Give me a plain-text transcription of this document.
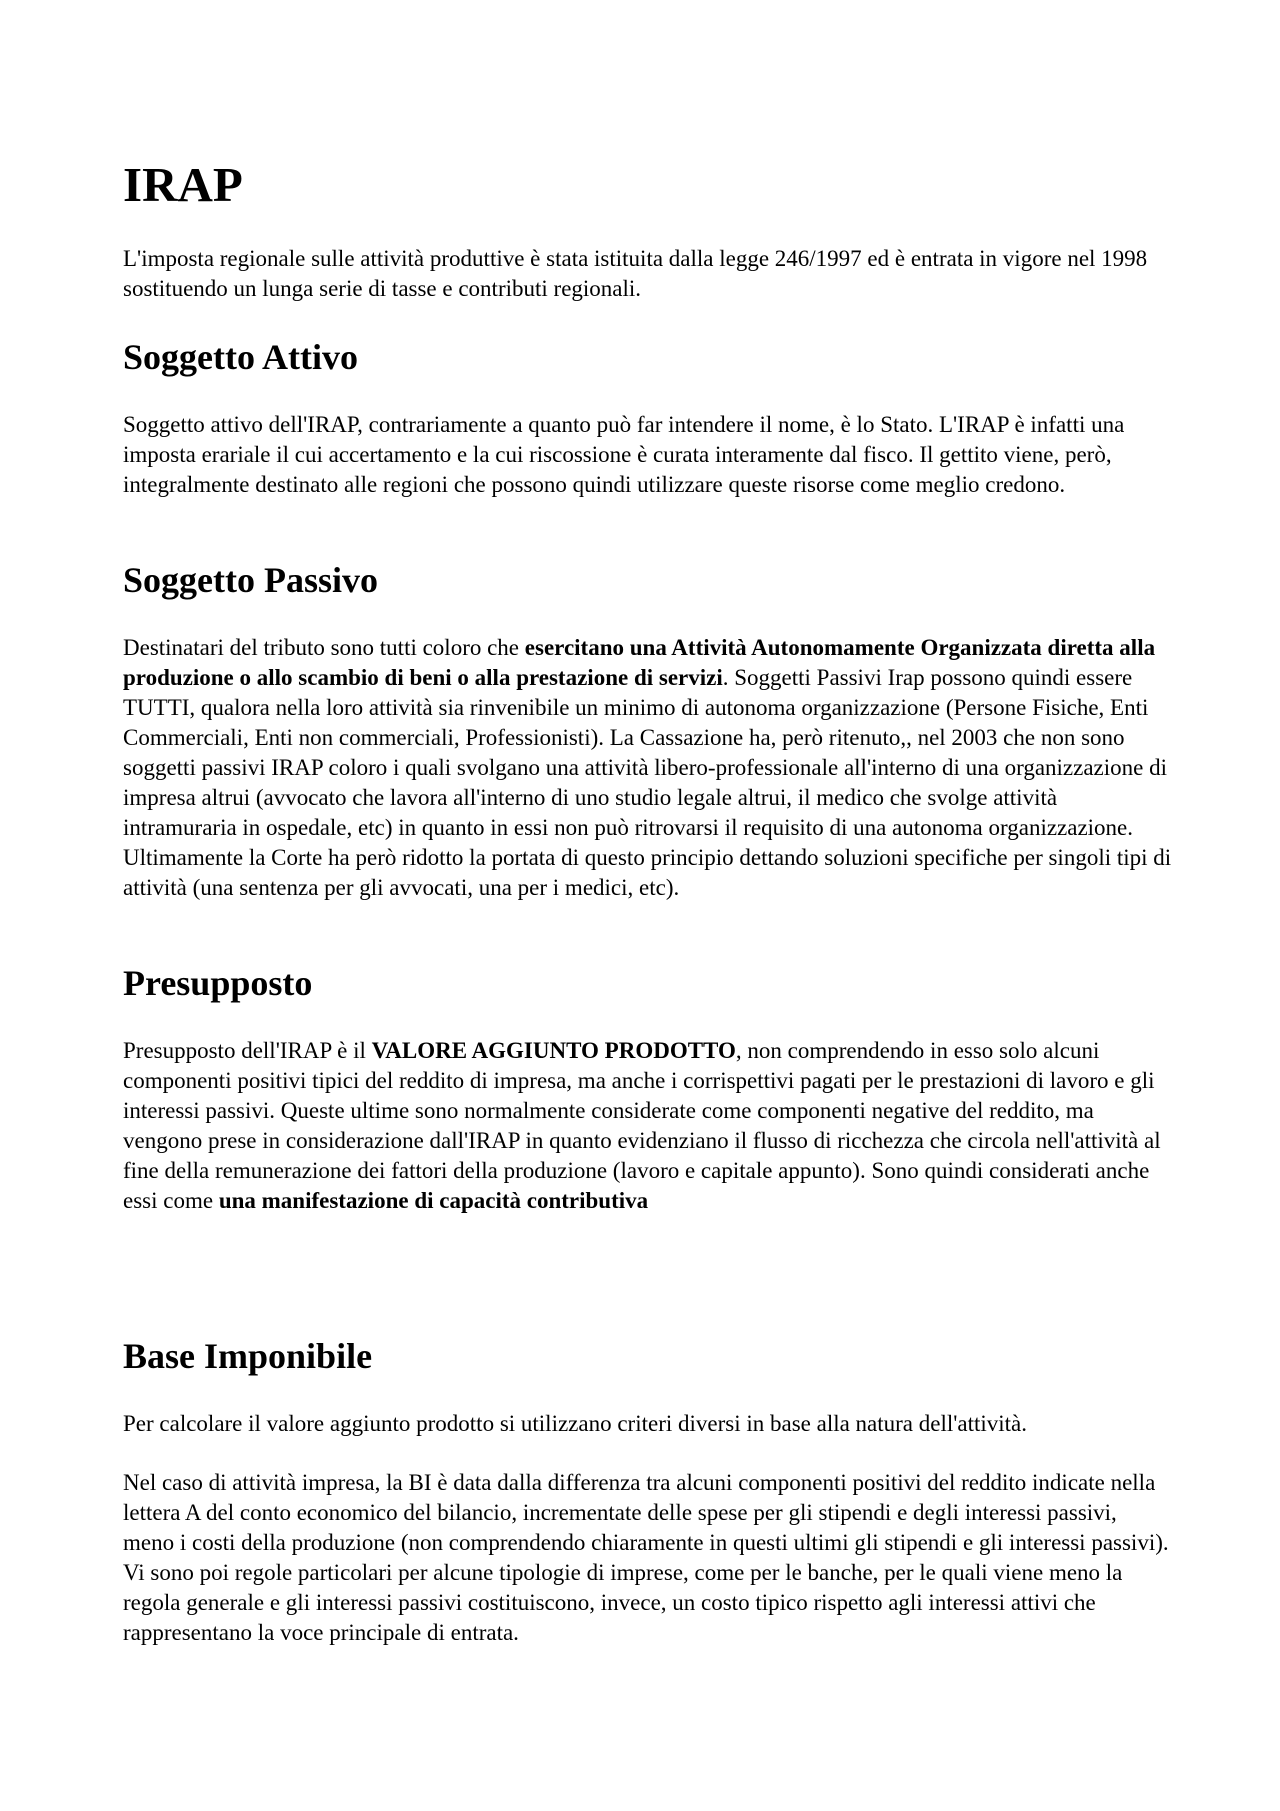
IRAP

L'imposta regionale sulle attività produttive è stata istituita dalla legge 246/1997 ed è entrata in vigore nel 1998 sostituendo un lunga serie di tasse e contributi regionali.

Soggetto Attivo

Soggetto attivo dell'IRAP, contrariamente a quanto può far intendere il nome, è lo Stato. L'IRAP è infatti una imposta erariale il cui accertamento e la cui riscossione è curata interamente dal fisco. Il gettito viene, però, integralmente destinato alle regioni che possono quindi utilizzare queste risorse come meglio credono.

Soggetto Passivo

Destinatari del tributo sono tutti coloro che esercitano una Attività Autonomamente Organizzata diretta alla produzione o allo scambio di beni o alla prestazione di servizi. Soggetti Passivi Irap possono quindi essere TUTTI, qualora nella loro attività sia rinvenibile un minimo di autonoma organizzazione (Persone Fisiche, Enti Commerciali, Enti non commerciali, Professionisti). La Cassazione ha, però ritenuto,, nel 2003 che non sono soggetti passivi IRAP coloro i quali svolgano una attività libero-professionale all'interno di una organizzazione di impresa altrui (avvocato che lavora all'interno di uno studio legale altrui, il medico che svolge attività intramuraria in ospedale, etc) in quanto in essi non può ritrovarsi il requisito di una autonoma organizzazione. Ultimamente la Corte ha però ridotto la portata di questo principio dettando soluzioni specifiche per singoli tipi di attività (una sentenza per gli avvocati, una per i medici, etc).

Presupposto

Presupposto dell'IRAP è il VALORE AGGIUNTO PRODOTTO, non comprendendo in esso solo alcuni componenti positivi tipici del reddito di impresa, ma anche i corrispettivi pagati per le prestazioni di lavoro e gli interessi passivi. Queste ultime sono normalmente considerate come componenti negative del reddito, ma vengono prese in considerazione dall'IRAP in quanto evidenziano il flusso di ricchezza che circola nell'attività al fine della remunerazione dei fattori della produzione (lavoro e capitale appunto). Sono quindi considerati anche essi come una manifestazione di capacità contributiva

Base Imponibile

Per calcolare il valore aggiunto prodotto si utilizzano criteri diversi in base alla natura dell'attività.

Nel caso di attività impresa, la BI è data dalla differenza tra alcuni componenti positivi del reddito indicate nella lettera A del conto economico del bilancio, incrementate delle spese per gli stipendi e degli interessi passivi, meno i costi della produzione (non comprendendo chiaramente in questi ultimi gli stipendi e gli interessi passivi). Vi sono poi regole particolari per alcune tipologie di imprese, come per le banche, per le quali viene meno la regola generale e gli interessi passivi costituiscono, invece, un costo tipico rispetto agli interessi attivi che rappresentano la voce principale di entrata.
